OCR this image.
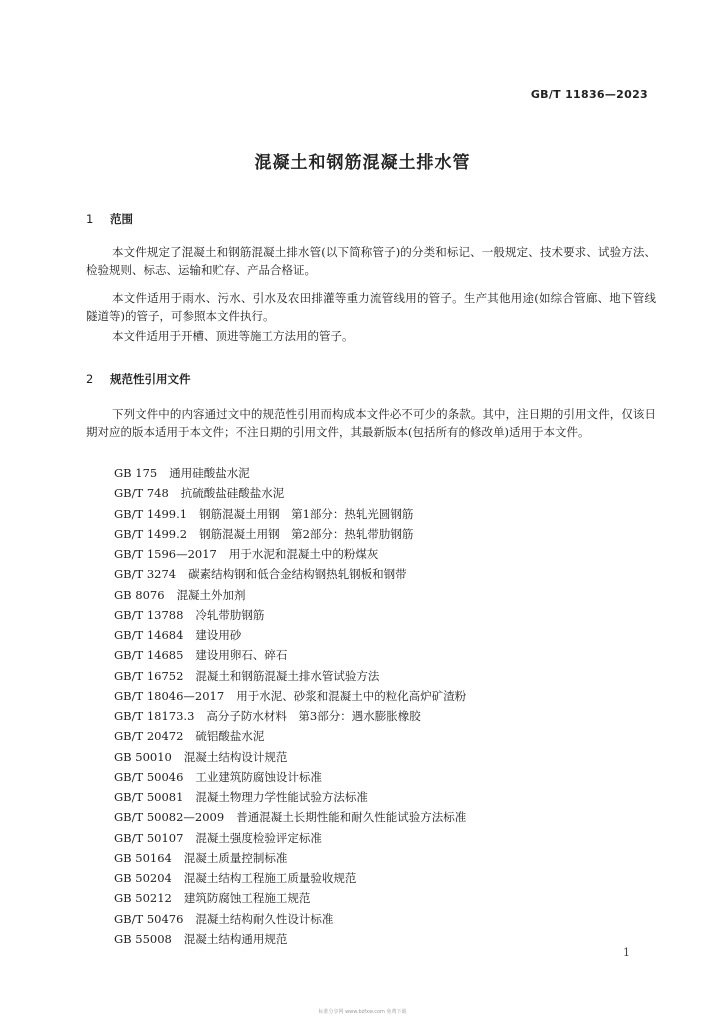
GB/T 11836—2023
混凝土和钢筋混凝土排水管
1 范围
本文件规定了混凝土和钢筋混凝土排水管(以下简称管子)的分类和标记、一般规定、技术要求、试验方法、检验规则、标志、运输和贮存、产品合格证。
本文件适用于雨水、污水、引水及农田排灌等重力流管线用的管子。生产其他用途(如综合管廊、地下管线隧道等)的管子，可参照本文件执行。
本文件适用于开槽、顶进等施工方法用的管子。
2 规范性引用文件
下列文件中的内容通过文中的规范性引用而构成本文件必不可少的条款。其中，注日期的引用文件，仅该日期对应的版本适用于本文件；不注日期的引用文件，其最新版本(包括所有的修改单)适用于本文件。
GB 175 通用硅酸盐水泥
GB/T 748 抗硫酸盐硅酸盐水泥
GB/T 1499.1 钢筋混凝土用钢　第1部分：热轧光圆钢筋
GB/T 1499.2 钢筋混凝土用钢　第2部分：热轧带肋钢筋
GB/T 1596—2017 用于水泥和混凝土中的粉煤灰
GB/T 3274 碳素结构钢和低合金结构钢热轧钢板和钢带
GB 8076 混凝土外加剂
GB/T 13788 冷轧带肋钢筋
GB/T 14684 建设用砂
GB/T 14685 建设用卵石、碎石
GB/T 16752 混凝土和钢筋混凝土排水管试验方法
GB/T 18046—2017 用于水泥、砂浆和混凝土中的粒化高炉矿渣粉
GB/T 18173.3 高分子防水材料　第3部分：遇水膨胀橡胶
GB/T 20472 硫铝酸盐水泥
GB 50010 混凝土结构设计规范
GB/T 50046 工业建筑防腐蚀设计标准
GB/T 50081 混凝土物理力学性能试验方法标准
GB/T 50082—2009 普通混凝土长期性能和耐久性能试验方法标准
GB/T 50107 混凝土强度检验评定标准
GB 50164 混凝土质量控制标准
GB 50204 混凝土结构工程施工质量验收规范
GB 50212 建筑防腐蚀工程施工规范
GB/T 50476 混凝土结构耐久性设计标准
GB 55008 混凝土结构通用规范
1
标准分享网 www.bzfxw.com 免费下载
